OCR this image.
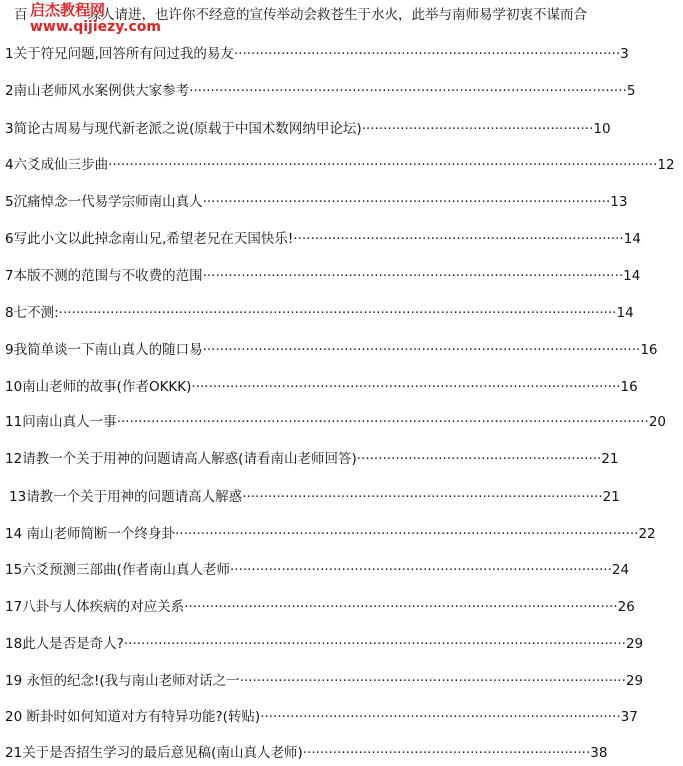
百	缘人请进，也许你不经意的宣传举动会救苍生于水火，此举与南师易学初衷不谋而合
启杰教程网
www.qijiezy.com
1关于符兄问题,回答所有问过我的易友··························································································3
2南山老师风水案例供大家参考······································································································5
3简论古周易与现代新老派之说(原载于中国术数网纳甲论坛)······················································10
4六爻成仙三步曲································································································································12
5沉痛悼念一代易学宗师南山真人·······························································································13
6写此小文以此掉念南山兄,希望老兄在天国快乐!·············································································14
7本版不测的范围与不收费的范围··································································································14
8七不测:··································································································································14
9我简单谈一下南山真人的随口易······································································································16
10南山老师的故事(作者OKKK)····································································································16
11问南山真人一事····························································································································20
12请教一个关于用神的问题请高人解惑(请看南山老师回答)·························································21
13请教一个关于用神的问题请高人解惑····················································································21
14 南山老师简断一个终身卦············································································································22
15六爻预测三部曲(作者南山真人老师·························································································24
17八卦与人体疾病的对应关系·····································································································26
18此人是否是奇人?·····················································································································29
19 永恒的纪念!(我与南山老师对话之一··························································································29
20 断卦时如何知道对方有特异功能?(转贴)····················································································37
21关于是否招生学习的最后意见稿(南山真人老师)···································································38
